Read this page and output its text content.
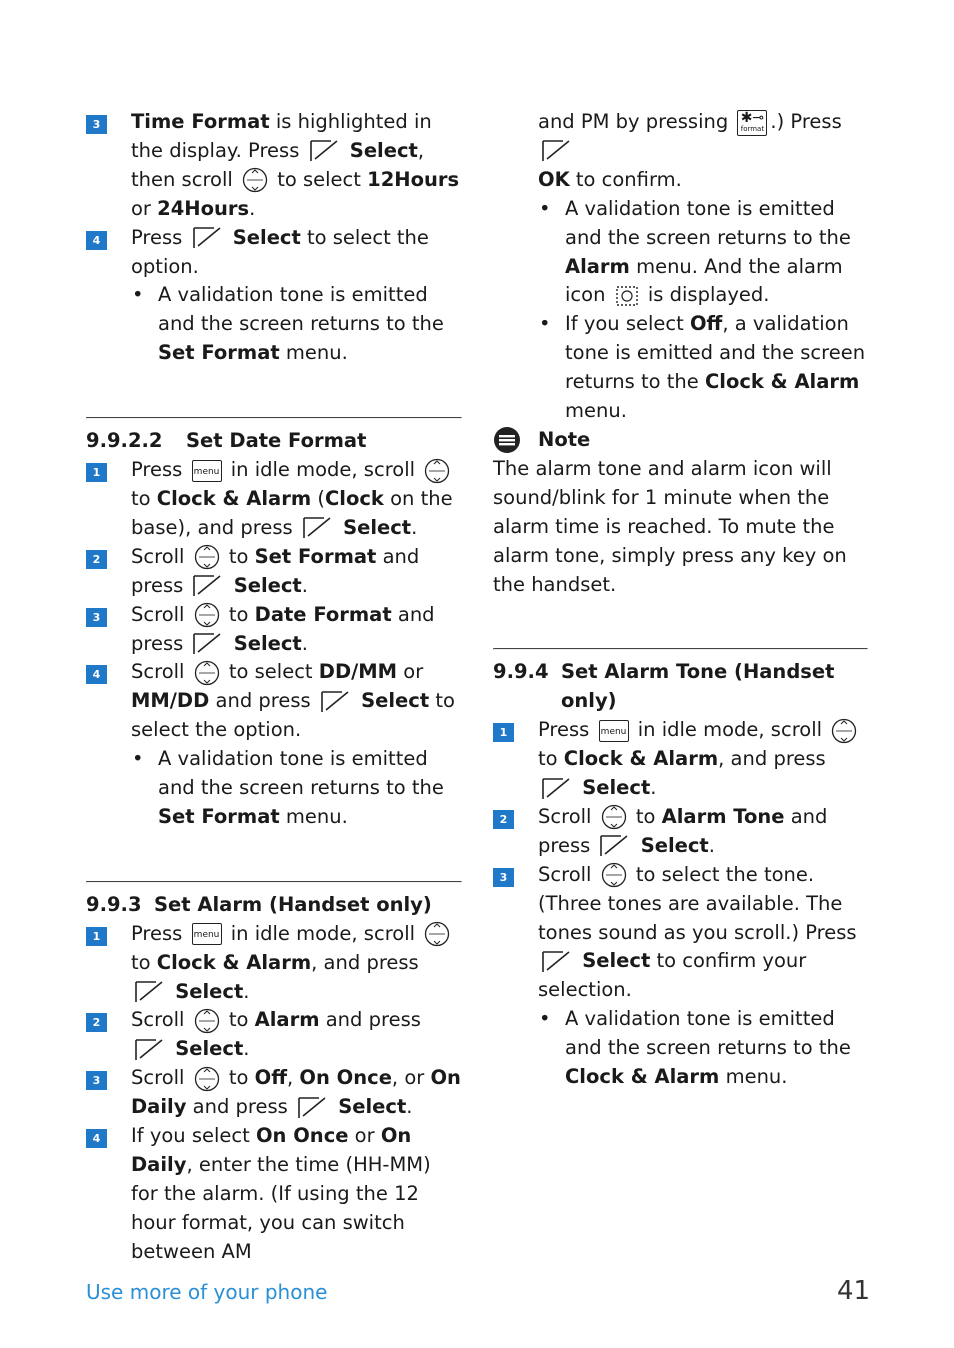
3	Time Format is highlighted in the display. Press  Select, then scroll  to select 12Hours or 24Hours.
4	Press  Select to select the option.
• A validation tone is emitted and the screen returns to the Set Format menu.
9.9.2.2	Set Date Format
1	Press menu in idle mode, scroll  to Clock & Alarm (Clock on the base), and press  Select.
2	Scroll  to Set Format and press  Select.
3	Scroll  to Date Format and press  Select.
4	Scroll  to select DD/MM or MM/DD and press  Select to select the option.
• A validation tone is emitted and the screen returns to the Set Format menu.
9.9.3 Set Alarm (Handset only)
1	Press menu in idle mode, scroll  to Clock & Alarm, and press  Select.
2	Scroll  to Alarm and press  Select.
3	Scroll  to Off, On Once, or On Daily and press  Select.
4	If you select On Once or On Daily, enter the time (HH-MM) for the alarm. (If using the 12 hour format, you can switch between AM
and PM by pressing ✱⊸
format .) Press
OK to confirm.
• A validation tone is emitted and the screen returns to the Alarm menu. And the alarm icon  is displayed.
• If you select Off, a validation tone is emitted and the screen returns to the Clock & Alarm menu.
Note
The alarm tone and alarm icon will sound/blink for 1 minute when the alarm time is reached. To mute the alarm tone, simply press any key on the handset.
9.9.4 Set Alarm Tone (Handset only)
1	Press menu in idle mode, scroll  to Clock & Alarm, and press  Select.
2	Scroll  to Alarm Tone and press  Select.
3	Scroll  to select the tone. (Three tones are available. The tones sound as you scroll.) Press  Select to confirm your selection.
• A validation tone is emitted and the screen returns to the Clock & Alarm menu.
Use more of your phone	41
